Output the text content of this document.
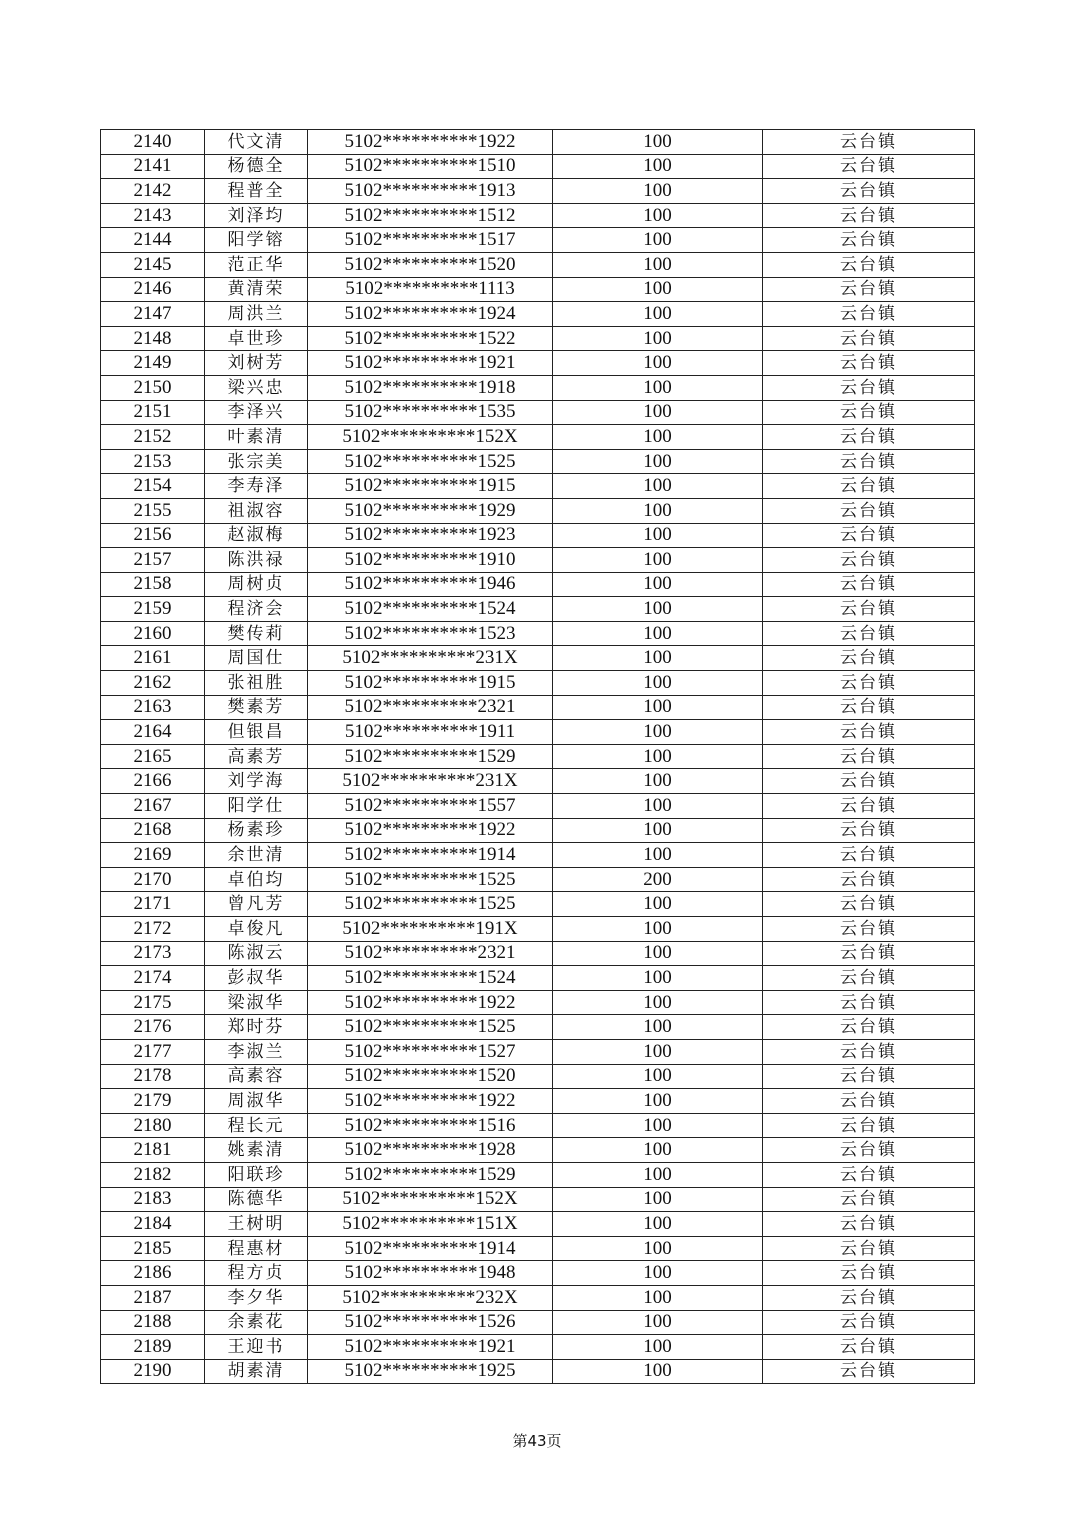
2140	代文清	5102**********1922	100	云台镇
2141	杨德全	5102**********1510	100	云台镇
2142	程普全	5102**********1913	100	云台镇
2143	刘泽均	5102**********1512	100	云台镇
2144	阳学镕	5102**********1517	100	云台镇
2145	范正华	5102**********1520	100	云台镇
2146	黄清荣	5102**********1113	100	云台镇
2147	周洪兰	5102**********1924	100	云台镇
2148	卓世珍	5102**********1522	100	云台镇
2149	刘树芳	5102**********1921	100	云台镇
2150	梁兴忠	5102**********1918	100	云台镇
2151	李泽兴	5102**********1535	100	云台镇
2152	叶素清	5102**********152X	100	云台镇
2153	张宗美	5102**********1525	100	云台镇
2154	李寿泽	5102**********1915	100	云台镇
2155	祖淑容	5102**********1929	100	云台镇
2156	赵淑梅	5102**********1923	100	云台镇
2157	陈洪禄	5102**********1910	100	云台镇
2158	周树贞	5102**********1946	100	云台镇
2159	程济会	5102**********1524	100	云台镇
2160	樊传莉	5102**********1523	100	云台镇
2161	周国仕	5102**********231X	100	云台镇
2162	张祖胜	5102**********1915	100	云台镇
2163	樊素芳	5102**********2321	100	云台镇
2164	但银昌	5102**********1911	100	云台镇
2165	高素芳	5102**********1529	100	云台镇
2166	刘学海	5102**********231X	100	云台镇
2167	阳学仕	5102**********1557	100	云台镇
2168	杨素珍	5102**********1922	100	云台镇
2169	余世清	5102**********1914	100	云台镇
2170	卓伯均	5102**********1525	200	云台镇
2171	曾凡芳	5102**********1525	100	云台镇
2172	卓俊凡	5102**********191X	100	云台镇
2173	陈淑云	5102**********2321	100	云台镇
2174	彭叔华	5102**********1524	100	云台镇
2175	梁淑华	5102**********1922	100	云台镇
2176	郑时芬	5102**********1525	100	云台镇
2177	李淑兰	5102**********1527	100	云台镇
2178	高素容	5102**********1520	100	云台镇
2179	周淑华	5102**********1922	100	云台镇
2180	程长元	5102**********1516	100	云台镇
2181	姚素清	5102**********1928	100	云台镇
2182	阳联珍	5102**********1529	100	云台镇
2183	陈德华	5102**********152X	100	云台镇
2184	王树明	5102**********151X	100	云台镇
2185	程惠材	5102**********1914	100	云台镇
2186	程方贞	5102**********1948	100	云台镇
2187	李夕华	5102**********232X	100	云台镇
2188	余素花	5102**********1526	100	云台镇
2189	王迎书	5102**********1921	100	云台镇
2190	胡素清	5102**********1925	100	云台镇
第43页
